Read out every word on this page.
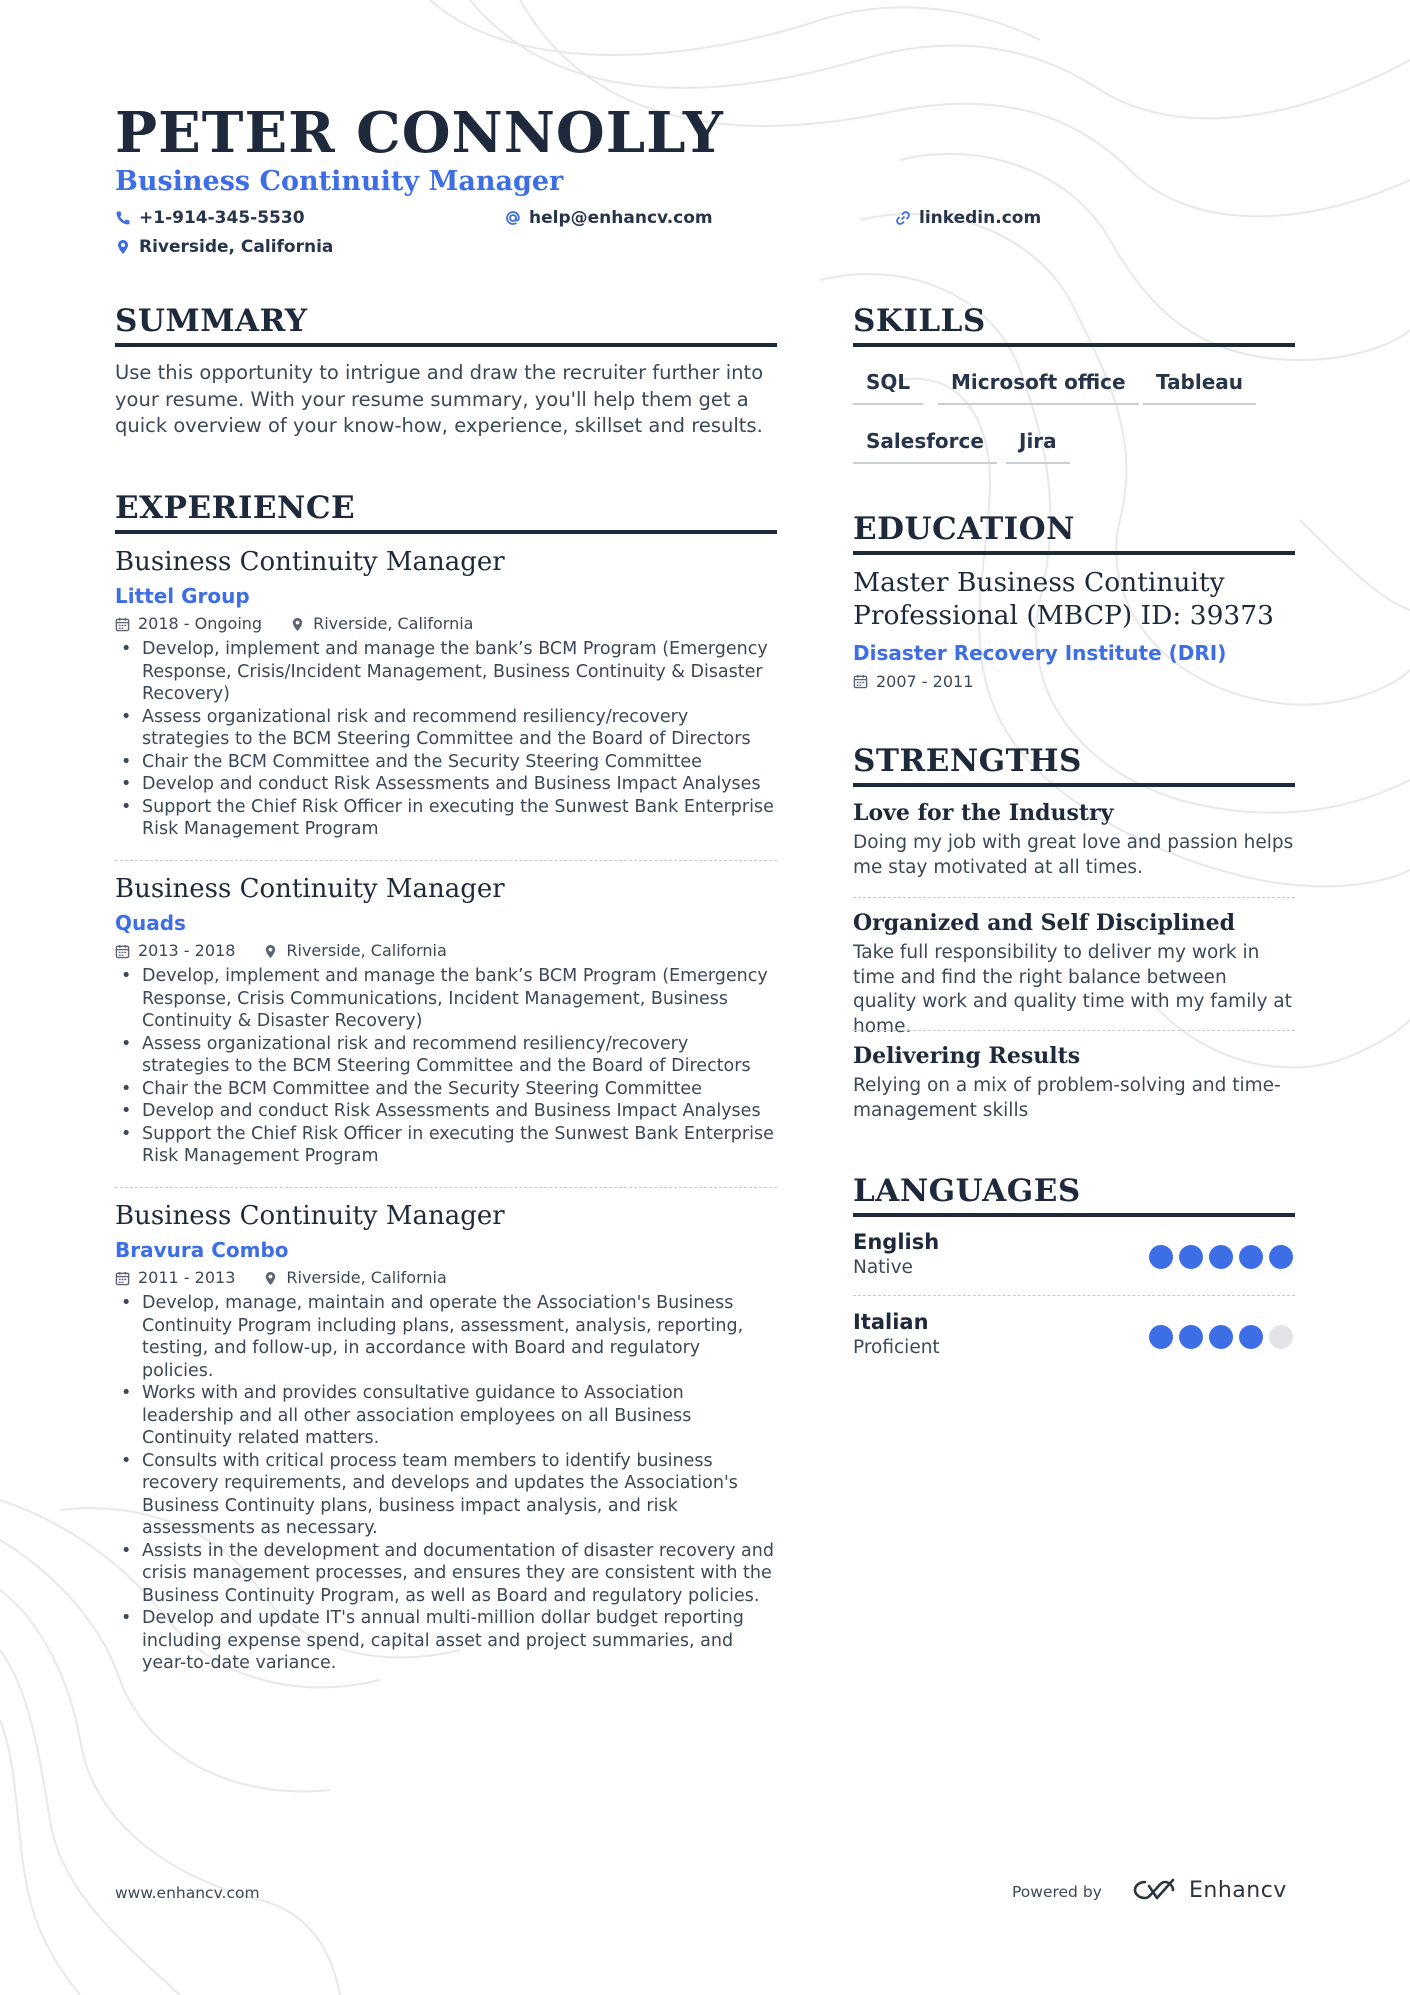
PETER CONNOLLY
Business Continuity Manager
+1-914-345-5530	help@enhancv.com	linkedin.com
Riverside, California
SUMMARY
Use this opportunity to intrigue and draw the recruiter further into your resume. With your resume summary, you'll help them get a quick overview of your know-how, experience, skillset and results.
EXPERIENCE
Business Continuity Manager
Littel Group
2018 - Ongoing	Riverside, California
• Develop, implement and manage the bank’s BCM Program (Emergency Response, Crisis/Incident Management, Business Continuity & Disaster Recovery)
• Assess organizational risk and recommend resiliency/recovery strategies to the BCM Steering Committee and the Board of Directors
• Chair the BCM Committee and the Security Steering Committee
• Develop and conduct Risk Assessments and Business Impact Analyses
• Support the Chief Risk Officer in executing the Sunwest Bank Enterprise Risk Management Program
Business Continuity Manager
Quads
2013 - 2018	Riverside, California
• Develop, implement and manage the bank’s BCM Program (Emergency Response, Crisis Communications, Incident Management, Business Continuity & Disaster Recovery)
• Assess organizational risk and recommend resiliency/recovery strategies to the BCM Steering Committee and the Board of Directors
• Chair the BCM Committee and the Security Steering Committee
• Develop and conduct Risk Assessments and Business Impact Analyses
• Support the Chief Risk Officer in executing the Sunwest Bank Enterprise Risk Management Program
Business Continuity Manager
Bravura Combo
2011 - 2013	Riverside, California
• Develop, manage, maintain and operate the Association's Business Continuity Program including plans, assessment, analysis, reporting, testing, and follow-up, in accordance with Board and regulatory policies.
• Works with and provides consultative guidance to Association leadership and all other association employees on all Business Continuity related matters.
• Consults with critical process team members to identify business recovery requirements, and develops and updates the Association's Business Continuity plans, business impact analysis, and risk assessments as necessary.
• Assists in the development and documentation of disaster recovery and crisis management processes, and ensures they are consistent with the Business Continuity Program, as well as Board and regulatory policies.
• Develop and update IT's annual multi-million dollar budget reporting including expense spend, capital asset and project summaries, and year-to-date variance.
SKILLS
SQL	Microsoft office	Tableau
Salesforce	Jira
EDUCATION
Master Business Continuity Professional (MBCP) ID: 39373
Disaster Recovery Institute (DRI)
2007 - 2011
STRENGTHS
Love for the Industry
Doing my job with great love and passion helps me stay motivated at all times.
Organized and Self Disciplined
Take full responsibility to deliver my work in time and find the right balance between quality work and quality time with my family at home.
Delivering Results
Relying on a mix of problem-solving and time-management skills
LANGUAGES
English
Native
Italian
Proficient
www.enhancv.com	Powered by	Enhancv
